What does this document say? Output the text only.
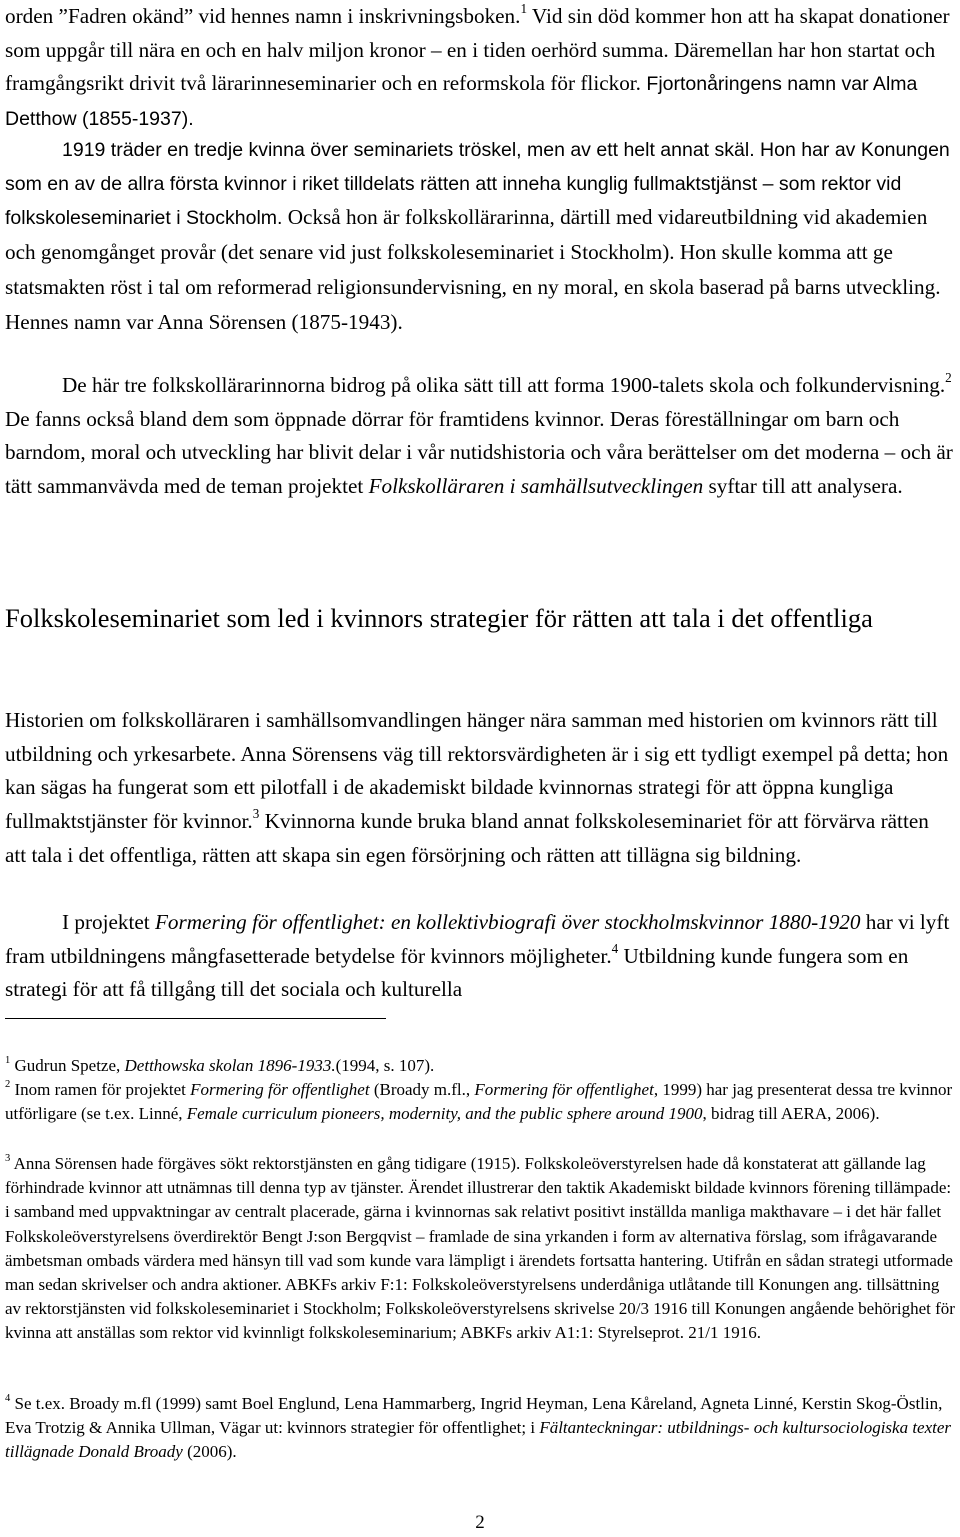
orden ”Fadren okänd” vid hennes namn i inskrivningsboken.$^1$ Vid sin död kommer hon att ha skapat donationer som uppgår till nära en och en halv miljon kronor – en i tiden oerhörd summa. Däremellan har hon startat och framgångsrikt drivit två lärarinneseminarier och en reformskola för flickor. Fjortonåringens namn var Alma Detthow (1855-1937).

1919 träder en tredje kvinna över seminariets tröskel, men av ett helt annat skäl. Hon har av Konungen som en av de allra första kvinnor i riket tilldelats rätten att inneha kunglig fullmaktstjänst – som rektor vid folkskoleseminariet i Stockholm. Också hon är folkskollärarinna, därtill med vidareutbildning vid akademien och genomgånget provår (det senare vid just folkskoleseminariet i Stockholm). Hon skulle komma att ge statsmakten röst i tal om reformerad religionsundervisning, en ny moral, en skola baserad på barns utveckling. Hennes namn var Anna Sörensen (1875-1943).

De här tre folkskollärarinnorna bidrog på olika sätt till att forma 1900-talets skola och folkundervisning.$^2$ De fanns också bland dem som öppnade dörrar för framtidens kvinnor. Deras föreställningar om barn och barndom, moral och utveckling har blivit delar i vår nutidshistoria och våra berättelser om det moderna – och är tätt sammanvävda med de teman projektet Folkskolläraren i samhällsutvecklingen syftar till att analysera.

Folkskoleseminariet som led i kvinnors strategier för rätten att tala i det offentliga

Historien om folkskolläraren i samhällsomvandlingen hänger nära samman med historien om kvinnors rätt till utbildning och yrkesarbete. Anna Sörensens väg till rektorsvärdigheten är i sig ett tydligt exempel på detta; hon kan sägas ha fungerat som ett pilotfall i de akademiskt bildade kvinnornas strategi för att öppna kungliga fullmaktstjänster för kvinnor.$^3$ Kvinnorna kunde bruka bland annat folkskoleseminariet för att förvärva rätten att tala i det offentliga, rätten att skapa sin egen försörjning och rätten att tillägna sig bildning.

I projektet Formering för offentlighet: en kollektivbiografi över stockholmskvinnor 1880-1920 har vi lyft fram utbildningens mångfasetterade betydelse för kvinnors möjligheter.$^4$ Utbildning kunde fungera som en strategi för att få tillgång till det sociala och kulturella

$^1$ Gudrun Spetze, Detthowska skolan 1896-1933.(1994, s. 107).

$^2$ Inom ramen för projektet Formering för offentlighet (Broady m.fl., Formering för offentlighet, 1999) har jag presenterat dessa tre kvinnor utförligare (se t.ex. Linné, Female curriculum pioneers, modernity, and the public sphere around 1900, bidrag till AERA, 2006).

$^3$ Anna Sörensen hade förgäves sökt rektorstjänsten en gång tidigare (1915). Folkskoleöverstyrelsen hade då konstaterat att gällande lag förhindrade kvinnor att utnämnas till denna typ av tjänster. Ärendet illustrerar den taktik Akademiskt bildade kvinnors förening tillämpade: i samband med uppvaktningar av centralt placerade, gärna i kvinnornas sak relativt positivt inställda manliga makthavare – i det här fallet Folkskoleöverstyrelsens överdirektör Bengt J:son Bergqvist – framlade de sina yrkanden i form av alternativa förslag, som ifrågavarande ämbetsman ombads värdera med hänsyn till vad som kunde vara lämpligt i ärendets fortsatta hantering. Utifrån en sådan strategi utformade man sedan skrivelser och andra aktioner. ABKFs arkiv F:1: Folkskoleöverstyrelsens underdåniga utlåtande till Konungen ang. tillsättning av rektorstjänsten vid folkskoleseminariet i Stockholm; Folkskoleöverstyrelsens skrivelse 20/3 1916 till Konungen angående behörighet för kvinna att anställas som rektor vid kvinnligt folkskoleseminarium; ABKFs arkiv A1:1: Styrelseprot. 21/1 1916.

$^4$ Se t.ex. Broady m.fl (1999) samt Boel Englund, Lena Hammarberg, Ingrid Heyman, Lena Kåreland, Agneta Linné, Kerstin Skog-Östlin, Eva Trotzig & Annika Ullman, Vägar ut: kvinnors strategier för offentlighet; i Fältanteckningar: utbildnings- och kultursociologiska texter tillägnade Donald Broady (2006).

2
